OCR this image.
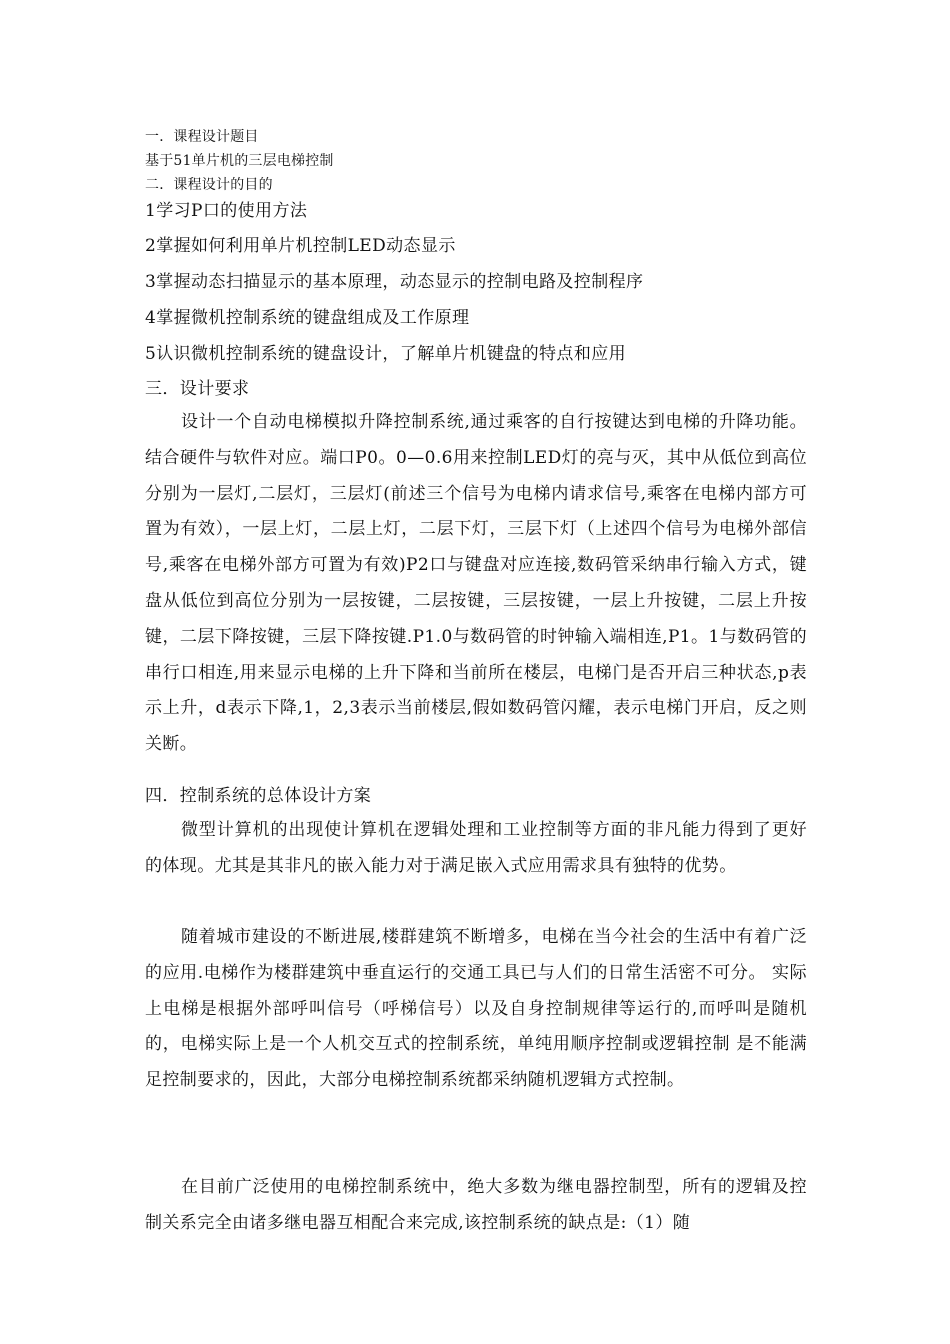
一．课程设计题目
基于51单片机的三层电梯控制
二．课程设计的目的
1学习P口的使用方法
2掌握如何利用单片机控制LED动态显示
3掌握动态扫描显示的基本原理，动态显示的控制电路及控制程序
4掌握微机控制系统的键盘组成及工作原理
5认识微机控制系统的键盘设计，了解单片机键盘的特点和应用
三．设计要求
设计一个自动电梯模拟升降控制系统,通过乘客的自行按键达到电梯的升降功能。结合硬件与软件对应。端口P0。0—0.6用来控制LED灯的亮与灭，其中从低位到高位分别为一层灯,二层灯，三层灯(前述三个信号为电梯内请求信号,乘客在电梯内部方可置为有效），一层上灯，二层上灯，二层下灯，三层下灯（上述四个信号为电梯外部信号,乘客在电梯外部方可置为有效)P2口与键盘对应连接,数码管采纳串行输入方式，键盘从低位到高位分别为一层按键，二层按键，三层按键，一层上升按键，二层上升按键，二层下降按键，三层下降按键.P1.0与数码管的时钟输入端相连,P1。1与数码管的串行口相连,用来显示电梯的上升下降和当前所在楼层，电梯门是否开启三种状态,p表示上升，d表示下降,1，2,3表示当前楼层,假如数码管闪耀，表示电梯门开启，反之则关断。
四．控制系统的总体设计方案
微型计算机的出现使计算机在逻辑处理和工业控制等方面的非凡能力得到了更好的体现。尤其是其非凡的嵌入能力对于满足嵌入式应用需求具有独特的优势。
随着城市建设的不断进展,楼群建筑不断增多，电梯在当今社会的生活中有着广泛的应用.电梯作为楼群建筑中垂直运行的交通工具已与人们的日常生活密不可分。 实际上电梯是根据外部呼叫信号（呼梯信号）以及自身控制规律等运行的,而呼叫是随机的，电梯实际上是一个人机交互式的控制系统，单纯用顺序控制或逻辑控制 是不能满足控制要求的，因此，大部分电梯控制系统都采纳随机逻辑方式控制。
在目前广泛使用的电梯控制系统中，绝大多数为继电器控制型，所有的逻辑及控制关系完全由诸多继电器互相配合来完成,该控制系统的缺点是:（1）随
